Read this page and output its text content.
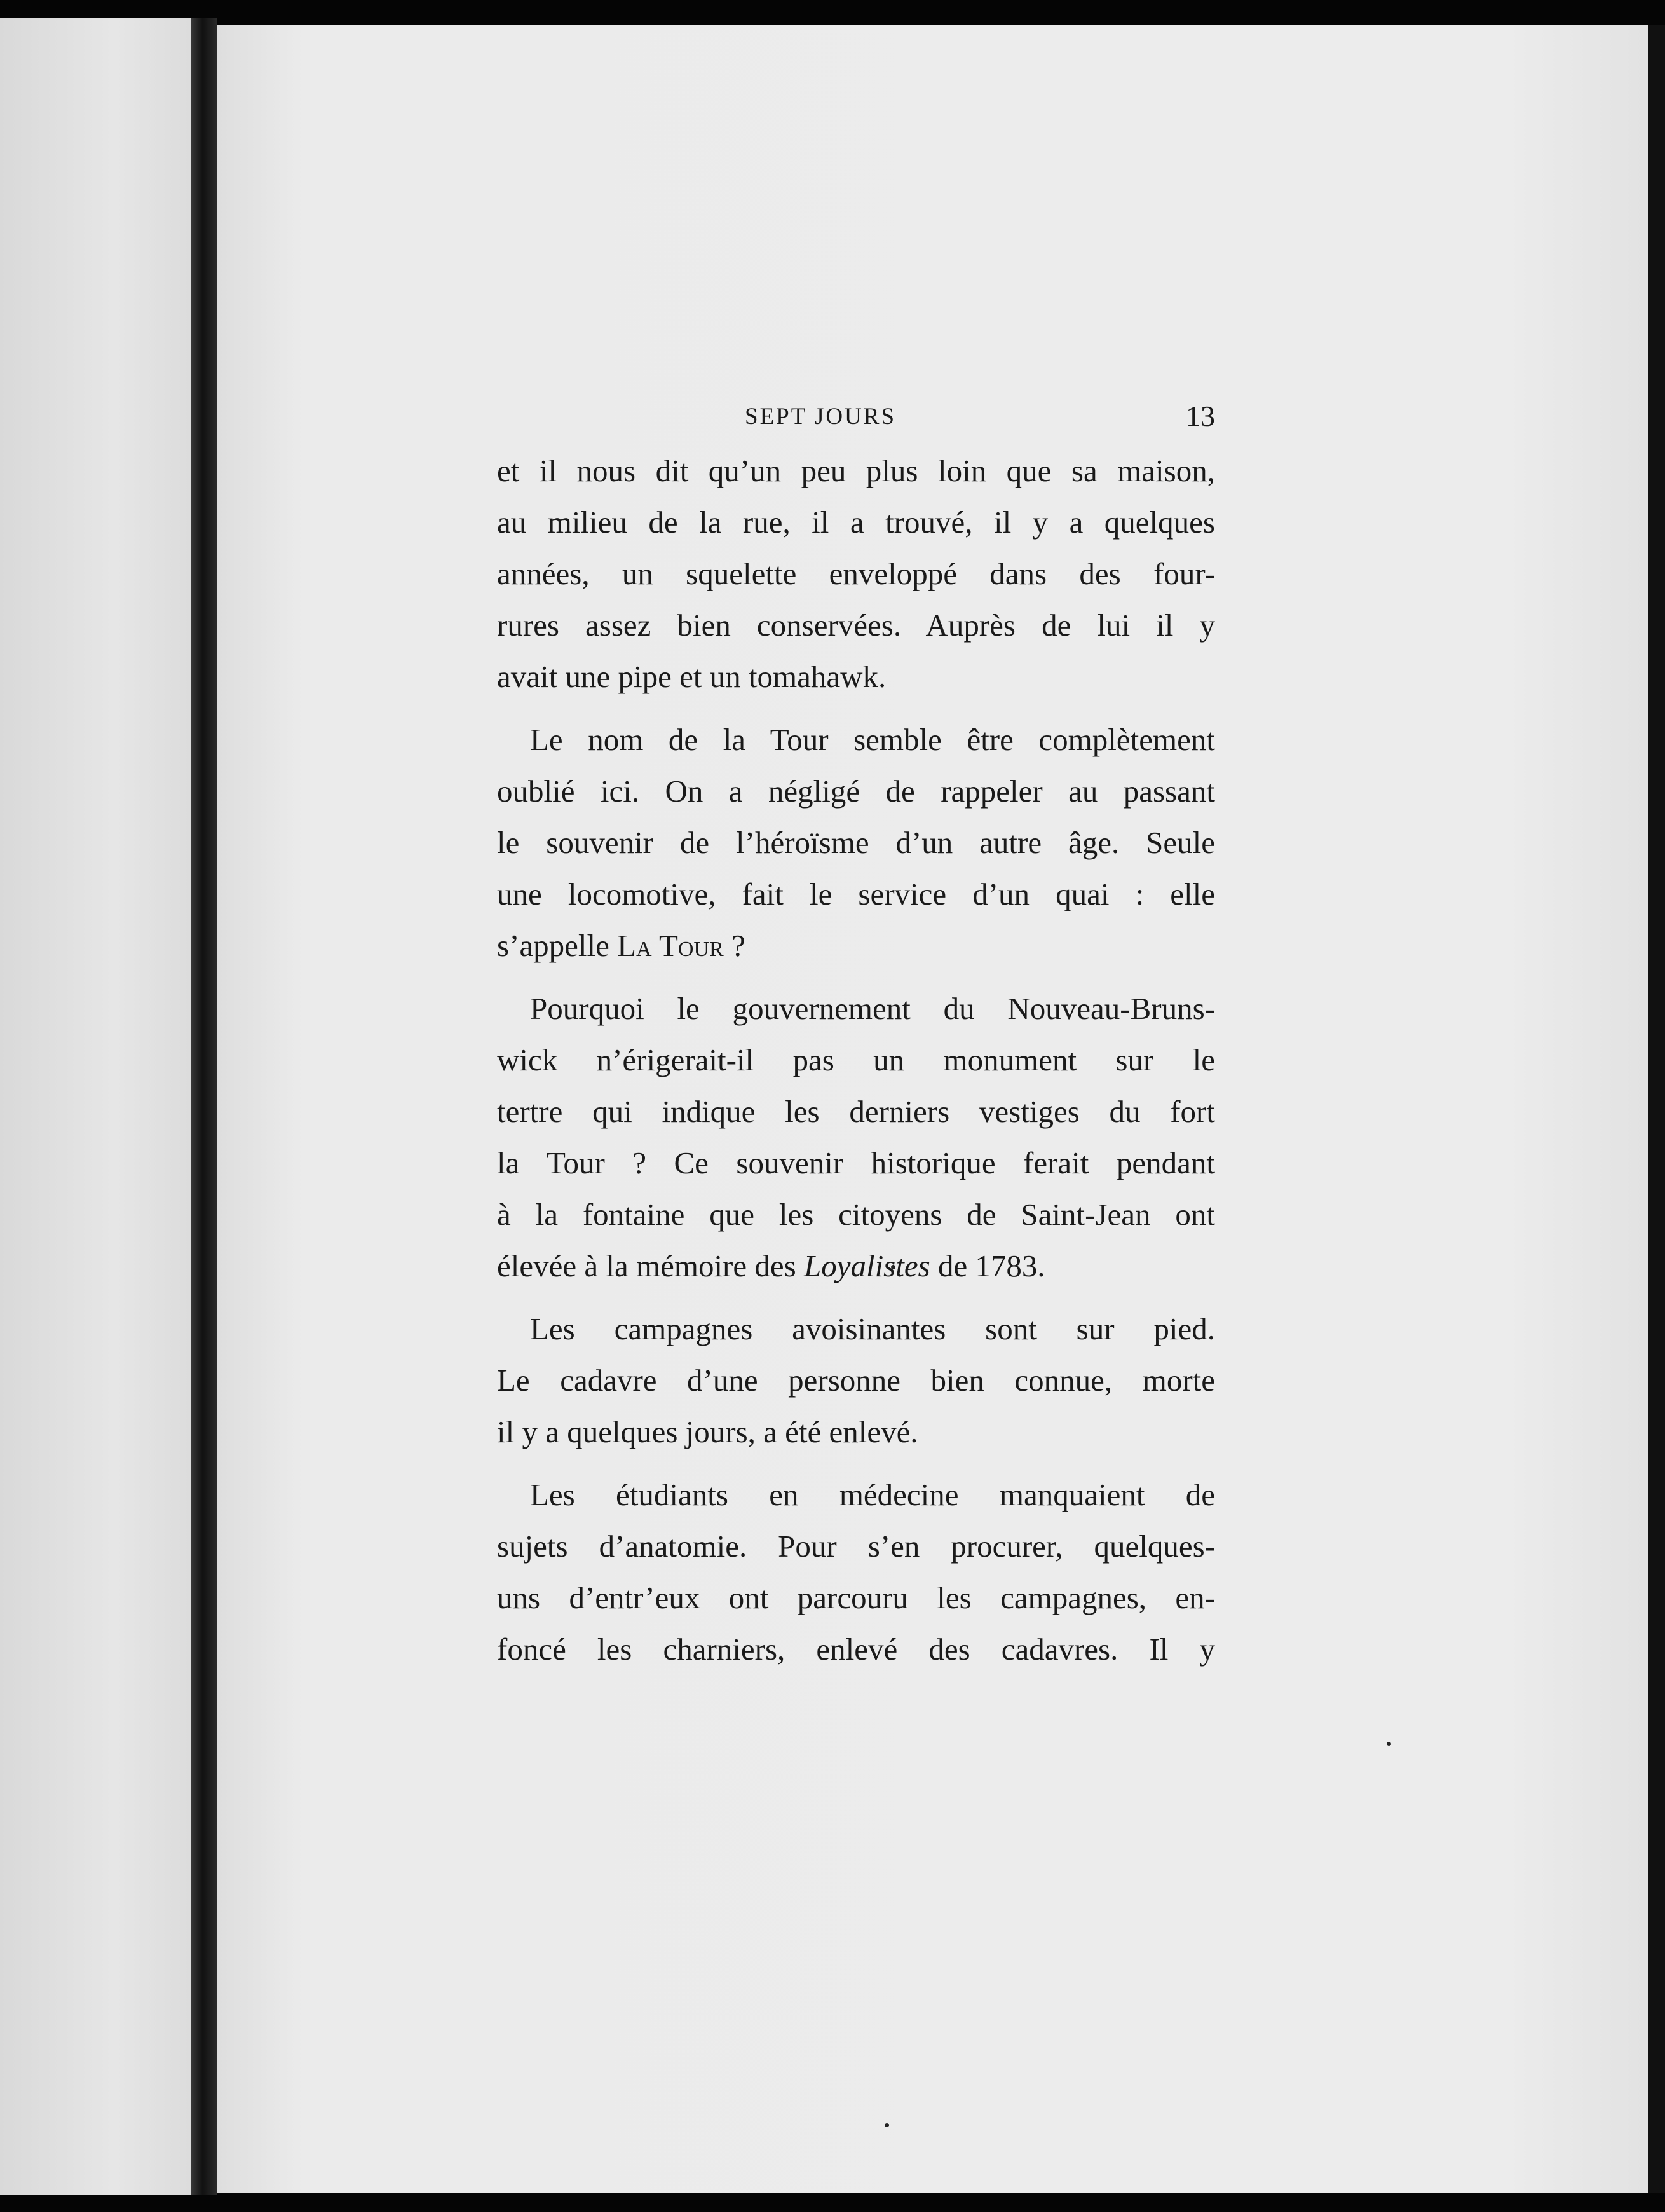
SEPT JOURS	13
et il nous dit qu’un peu plus loin que sa maison,
au milieu de la rue, il a trouvé, il y a quelques
années, un squelette enveloppé dans des four-
rures assez bien conservées. Auprès de lui il y
avait une pipe et un tomahawk.
Le nom de la Tour semble être complètement
oublié ici. On a négligé de rappeler au passant
le souvenir de l’héroïsme d’un autre âge. Seule
une locomotive, fait le service d’un quai : elle
s’appelle La Tour ?
Pourquoi le gouvernement du Nouveau-Bruns-
wick n’érigerait-il pas un monument sur le
tertre qui indique les derniers vestiges du fort
la Tour ? Ce souvenir historique ferait pendant
à la fontaine que les citoyens de Saint-Jean ont
élevée à la mémoire des Loyalistes de 1783.
Les campagnes avoisinantes sont sur pied.
Le cadavre d’une personne bien connue, morte
il y a quelques jours, a été enlevé.
Les étudiants en médecine manquaient de
sujets d’anatomie. Pour s’en procurer, quelques-
uns d’entr’eux ont parcouru les campagnes, en-
foncé les charniers, enlevé des cadavres. Il y
